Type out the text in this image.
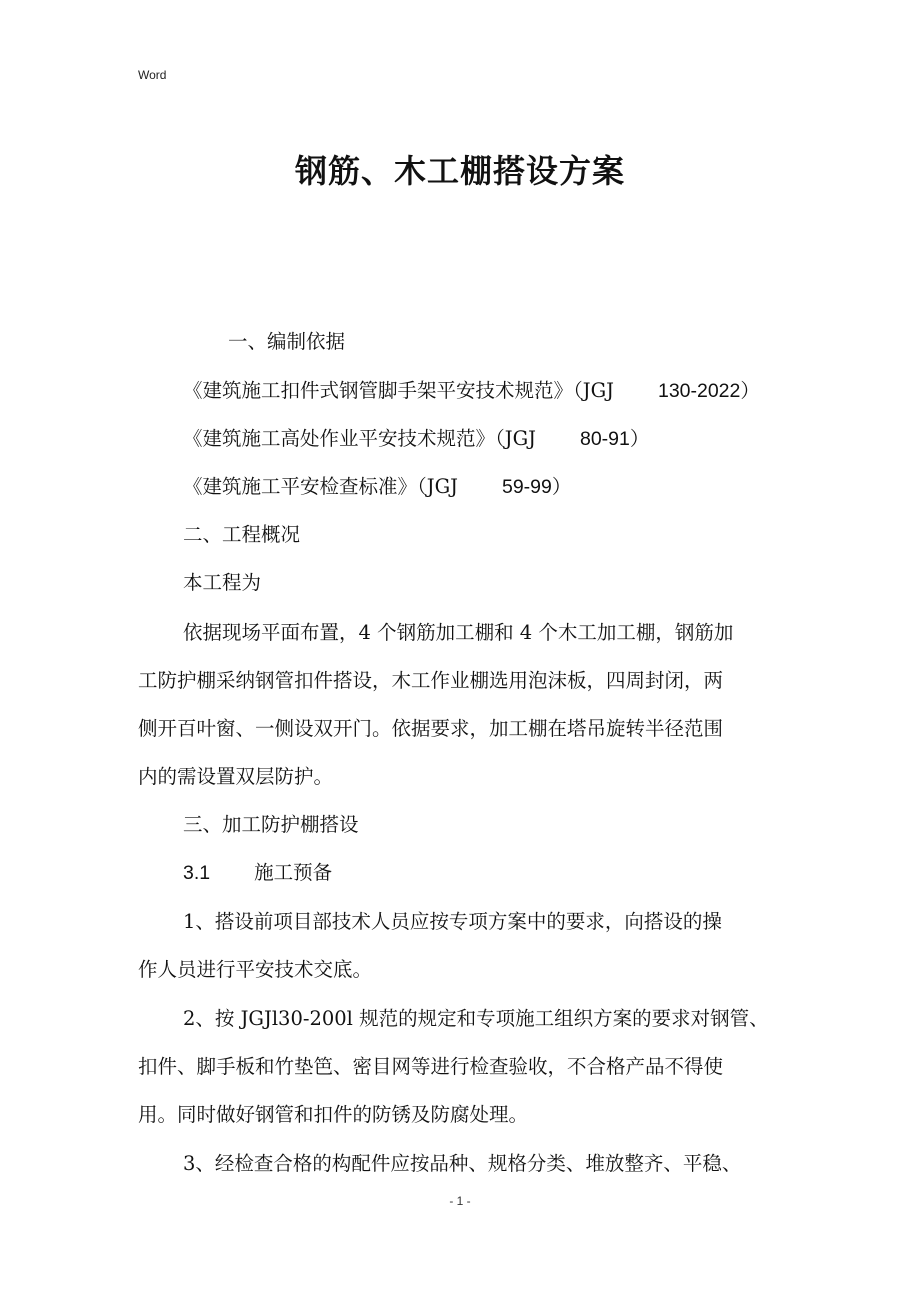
Word
钢筋、木工棚搭设方案
一、编制依据
《建筑施工扣件式钢管脚手架平安技术规范》（JGJ 130-2022）
《建筑施工高处作业平安技术规范》（JGJ 80-91）
《建筑施工平安检查标准》（JGJ 59-99）
二、工程概况
本工程为
依据现场平面布置，4 个钢筋加工棚和 4 个木工加工棚，钢筋加
工防护棚采纳钢管扣件搭设，木工作业棚选用泡沫板，四周封闭，两
侧开百叶窗、一侧设双开门。依据要求，加工棚在塔吊旋转半径范围
内的需设置双层防护。
三、加工防护棚搭设
3.1 施工预备
1、搭设前项目部技术人员应按专项方案中的要求，向搭设的操
作人员进行平安技术交底。
2、按 JGJl30-200l 规范的规定和专项施工组织方案的要求对钢管、
扣件、脚手板和竹垫笆、密目网等进行检查验收，不合格产品不得使
用。同时做好钢管和扣件的防锈及防腐处理。
3、经检查合格的构配件应按品种、规格分类、堆放整齐、平稳、
- 1 -
